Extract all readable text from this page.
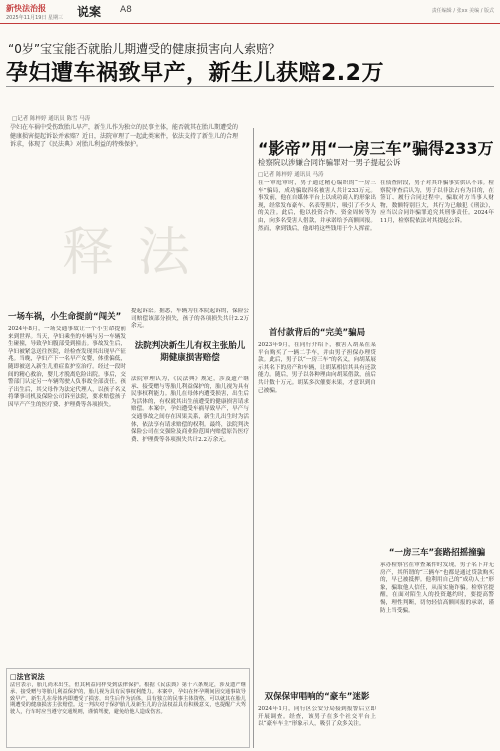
新快法治报
2025年11月19日 星期三 说案 A8	责任编辑 / 张xx 美编 / 版式
“0岁”宝宝能否就胎儿期遭受的健康损害向人索赔？
孕妇遭车祸致早产，新生儿获赔2.2万
□记者 陈梓婷 通讯员 陈雪 马涛
孕妇在车祸中受伤致胎儿早产，新生儿作为独立的民事主体，能否就其在胎儿期遭受的健康损害提起诉讼并索赔？近日，法院审理了一起此类案件，依法支持了新生儿的合理诉求，体现了《民法典》对胎儿利益的特殊保护。
释法
一场车祸，小生命提前“闯关”
2024年8月，一场交通事故让一个小生命提前来到世界。当天，孕妇乘坐的车辆与另一车辆发生碰撞，导致孕妇腹部受到撞击。事故发生后，孕妇被紧急送往医院，经检查发现其出现早产征兆。当晚，孕妇产下一名早产女婴，体重偏低，随即被送入新生儿重症监护室治疗。经过一段时间的精心救治，婴儿才脱离危险出院。事后，交警部门认定另一车辆驾驶人负事故全部责任。孩子出生后，其父母作为法定代理人，以孩子名义将肇事司机及保险公司诉至法院，要求赔偿孩子因早产产生的医疗费、护理费等各项损失。
提起诉讼。据悉，车辆为在本院起诉的，保险公司赔偿该部分损失，孩子的各项损失共计2.2万余元。
法院判决新生儿有权主张胎儿期健康损害赔偿
法院审理认为，《民法典》规定，涉及遗产继承、接受赠与等胎儿利益保护的，胎儿视为具有民事权利能力。胎儿在母体内遭受损害，出生后为活体的，有权就其出生前遭受的健康损害请求赔偿。本案中，孕妇遭受车祸导致早产，早产与交通事故之间存在因果关系，新生儿出生时为活体，依法享有请求赔偿的权利。最终，法院判决保险公司在交强险及商业险范围内赔偿原告医疗费、护理费等各项损失共计2.2万余元。
□法官说法
法官表示，胎儿尚未出生，但其利益同样受到法律保护。根据《民法典》第十六条规定，涉及遗产继承、接受赠与等胎儿利益保护的，胎儿视为具有民事权利能力。本案中，孕妇在怀孕期间因交通事故导致早产，新生儿在母体内即遭受了损害，出生后作为活体，具有独立的民事主体资格，可以就其在胎儿期遭受的健康损害主张赔偿。这一判决对于保护胎儿及新生儿的合法权益具有积极意义，也提醒广大驾驶人，行车时应当遵守交通规则，谨慎驾驶，避免给他人造成伤害。
“影帝”用“一房三车”骗得233万
检察院以涉嫌合同诈骗罪对一男子提起公诉
□记者 陈梓婷 通讯员 马涛
在一审庭审时，男子通过精心编织的“一房三车”骗局，成功骗取四名被害人共计233万元。事发前，他在自媒体平台上以成功商人的形象出现，经常发布豪车、名表等照片，吸引了不少人的关注。此后，他以投资合作、资金周转等为由，向多名受害人借款，并承诺给予高额回报。然而，拿到钱后，他却将这些钱用于个人挥霍。
首付款背后的“完美”骗局
2023年9月，在同行介绍下，被害人胡某在某平台购买了一辆二手车，并由男子担保办理贷款。此后，男子以“一房三车”的名义，向胡某展示其名下的房产和车辆，让胡某相信其具有还款能力。随后，男子以各种理由向胡某借款，前后共计数十万元。胡某多次催要未果，才意识到自己被骗。
在侦查阶段，男子对其诈骗事实供认不讳。检察院审查后认为，男子以非法占有为目的，在签订、履行合同过程中，骗取对方当事人财物，数额特别巨大，其行为已触犯《刑法》，应当以合同诈骗罪追究其刑事责任。2024年11月，检察院依法对其提起公诉。
“一房三车”套路招摇撞骗
承办检察官在审查案件时发现，男子名下并无房产，其所谓的“三辆车”也都是通过贷款购买的，早已被抵押。他利用自己的“成功人士”形象，骗取他人信任，从而实施诈骗。检察官提醒，在面对陌生人的投资邀约时，要提高警惕，理性判断，切勿轻信高额回报的承诺，谨防上当受骗。
双保保审唱响的“豪车”迷影
2024年1月，同行区公安分局接到报警后立即开展调查。经查，该男子在多个社交平台上以“豪车车主”形象示人，吸引了众多关注。
